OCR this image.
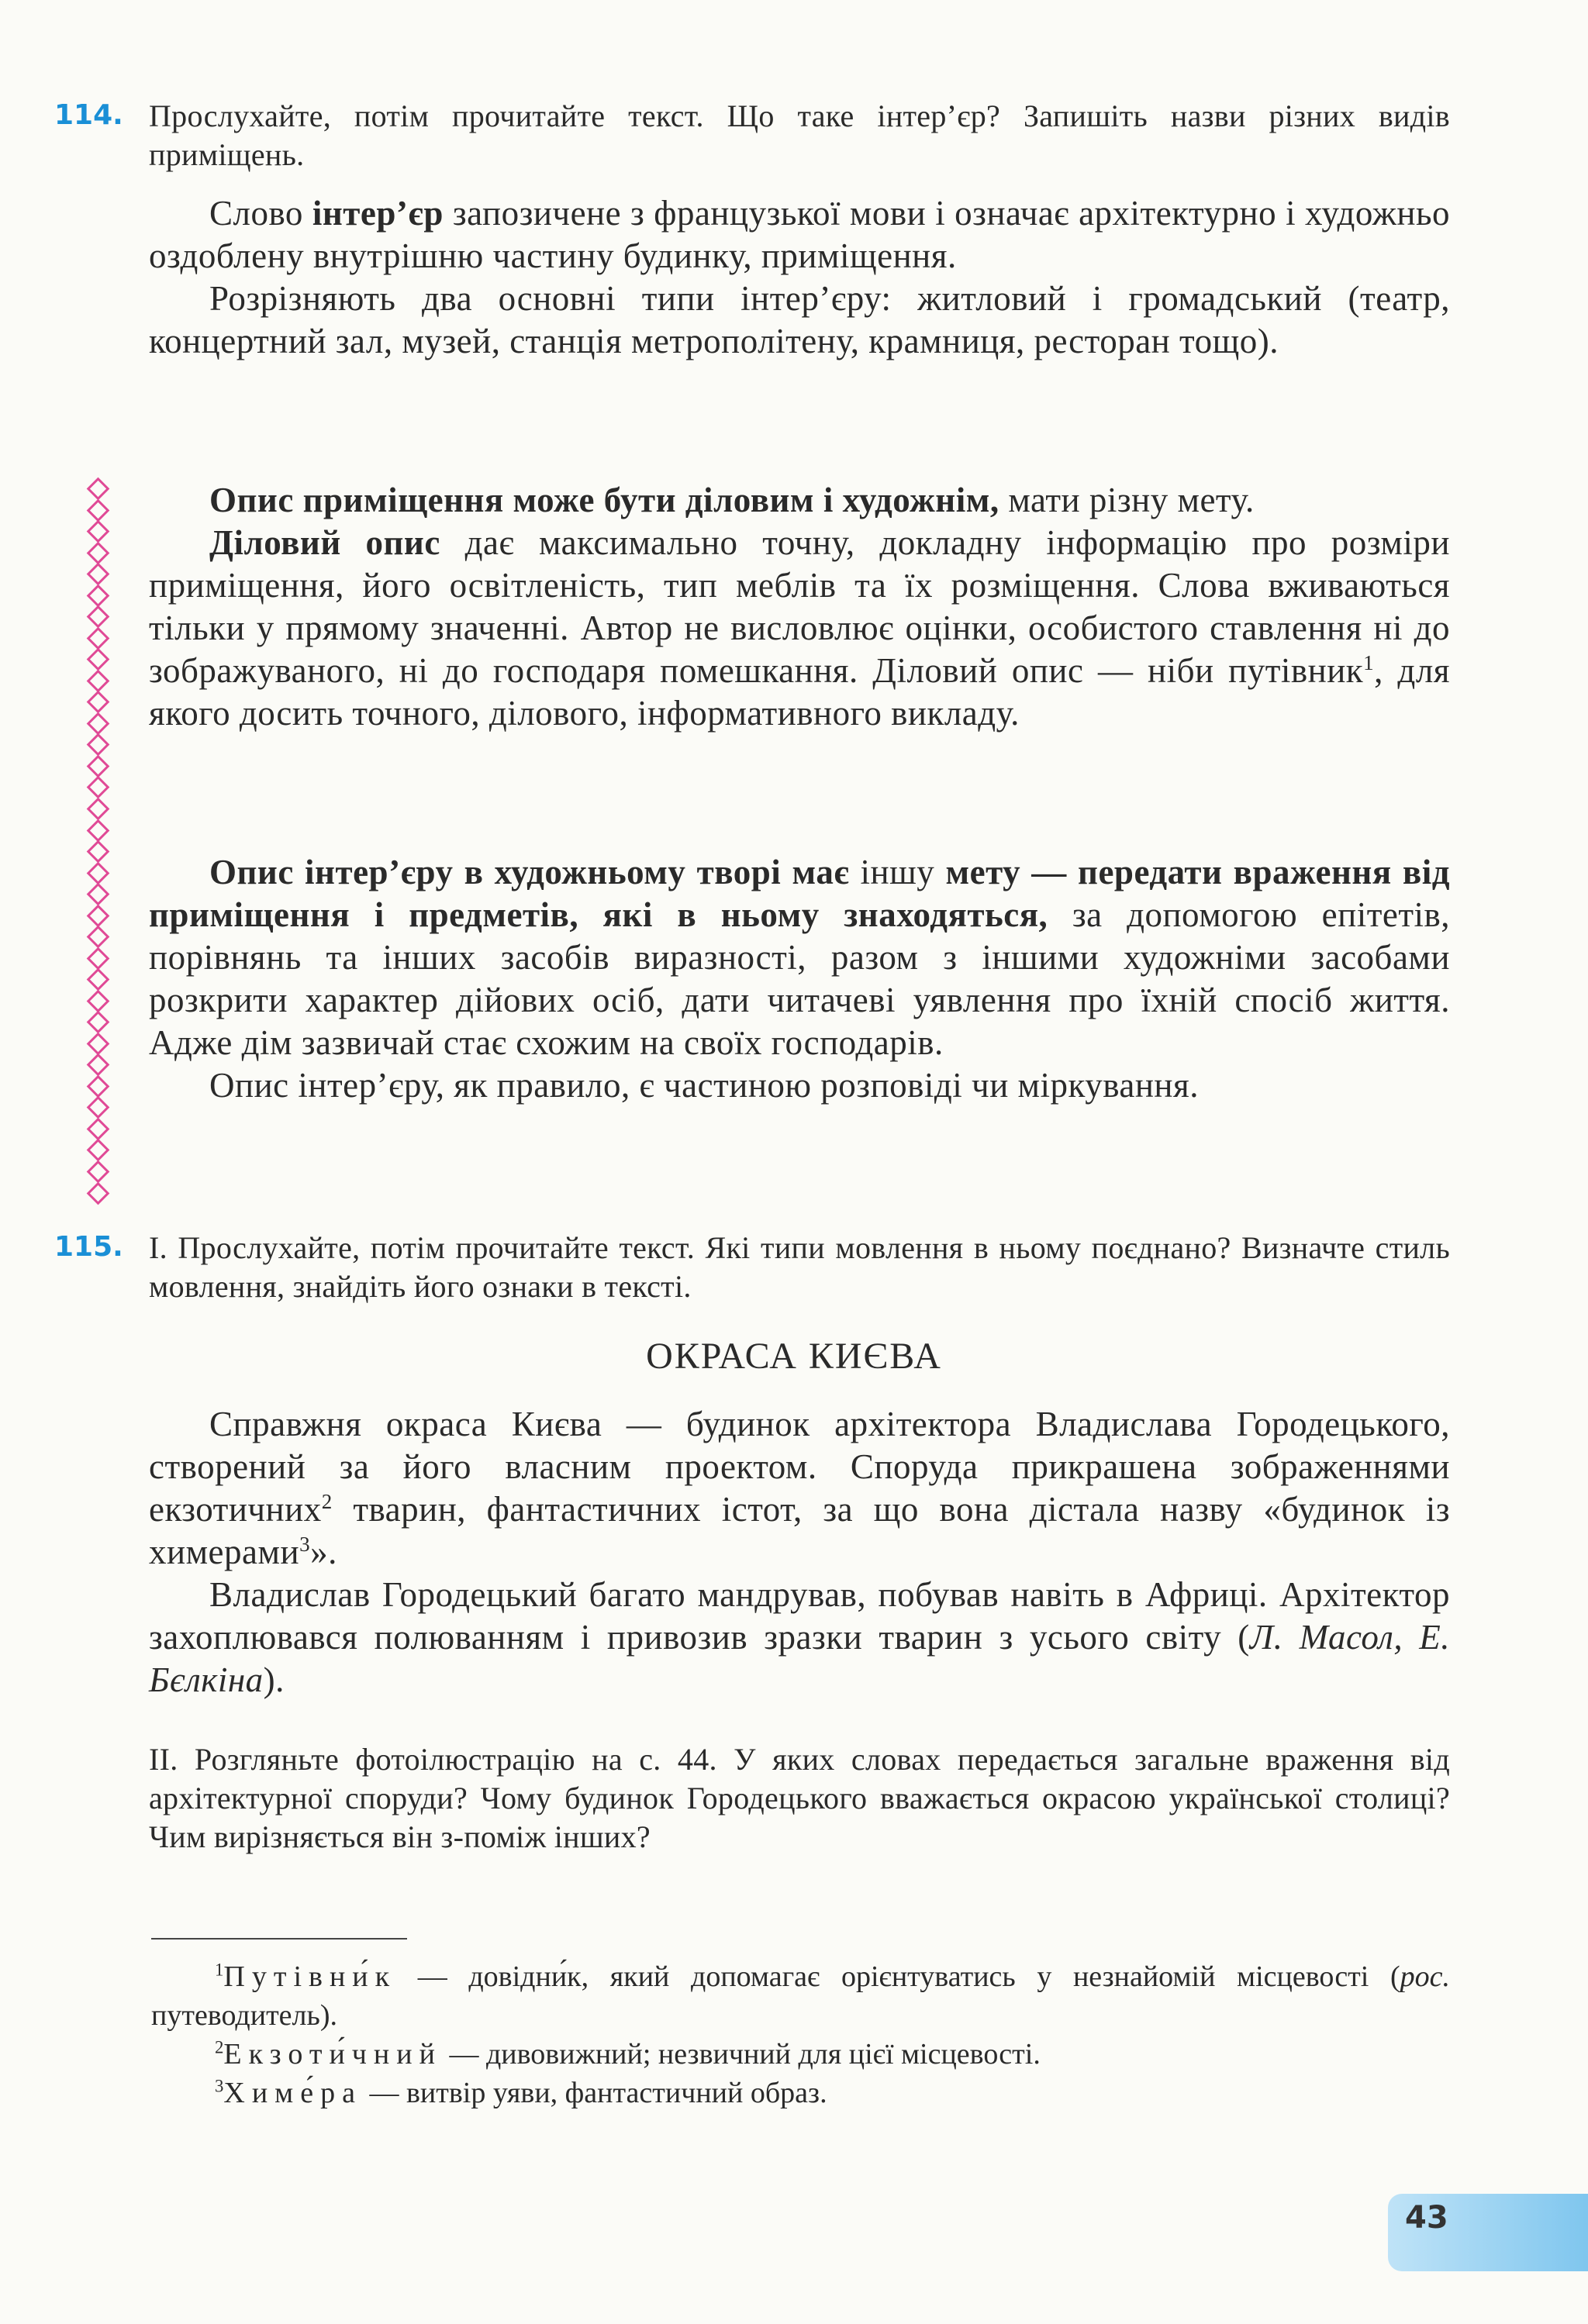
114. Прослухайте, потім прочитайте текст. Що таке інтер’єр? Запишіть назви різних видів приміщень.

Слово інтер’єр запозичене з французької мови і означає архітектурно і художньо оздоблену внутрішню частину будинку, приміщення.

Розрізняють два основні типи інтер’єру: житловий і громадський (театр, концертний зал, музей, станція метрополітену, крамниця, ресторан тощо).

Опис приміщення може бути діловим і художнім, мати різну мету.

Діловий опис дає максимально точну, докладну інформацію про розміри приміщення, його освітленість, тип меблів та їх розміщення. Слова вживаються тільки у прямому значенні. Автор не висловлює оцінки, особистого ставлення ні до зображуваного, ні до господаря помешкання. Діловий опис — ніби путівник$^1$, для якого досить точного, ділового, інформативного викладу.

Опис інтер’єру в художньому творі має іншу мету — передати враження від приміщення і предметів, які в ньому знаходяться, за допомогою епітетів, порівнянь та інших засобів виразності, разом з іншими художніми засобами розкрити характер дійових осіб, дати читачеві уявлення про їхній спосіб життя. Адже дім зазвичай стає схожим на своїх господарів.

Опис інтер’єру, як правило, є частиною розповіді чи міркування.

115. І. Прослухайте, потім прочитайте текст. Які типи мовлення в ньому поєднано? Визначте стиль мовлення, знайдіть його ознаки в тексті.

ОКРАСА КИЄВА

Справжня окраса Києва — будинок архітектора Владислава Городецького, створений за його власним проектом. Споруда прикрашена зображеннями екзотичних$^2$ тварин, фантастичних істот, за що вона дістала назву «будинок із химерами$^3$».

Владислав Городецький багато мандрував, побував навіть в Африці. Архітектор захоплювався полюванням і привозив зразки тварин з усього світу (Л. Масол, Е. Бєлкіна).

ІІ. Розгляньте фотоілюстрацію на с. 44. У яких словах передається загальне враження від архітектурної споруди? Чому будинок Городецького вважається окрасою української столиці? Чим вирізняється він з-поміж інших?

$^1$Путівни́к — довідни́к, який допомагає орієнтуватись у незнайомій місцевості (рос. путеводитель).

$^2$Екзоти́чний — дивовижний; незвичний для цієї місцевості.

$^3$Химе́ра — витвір уяви, фантастичний образ.

43
